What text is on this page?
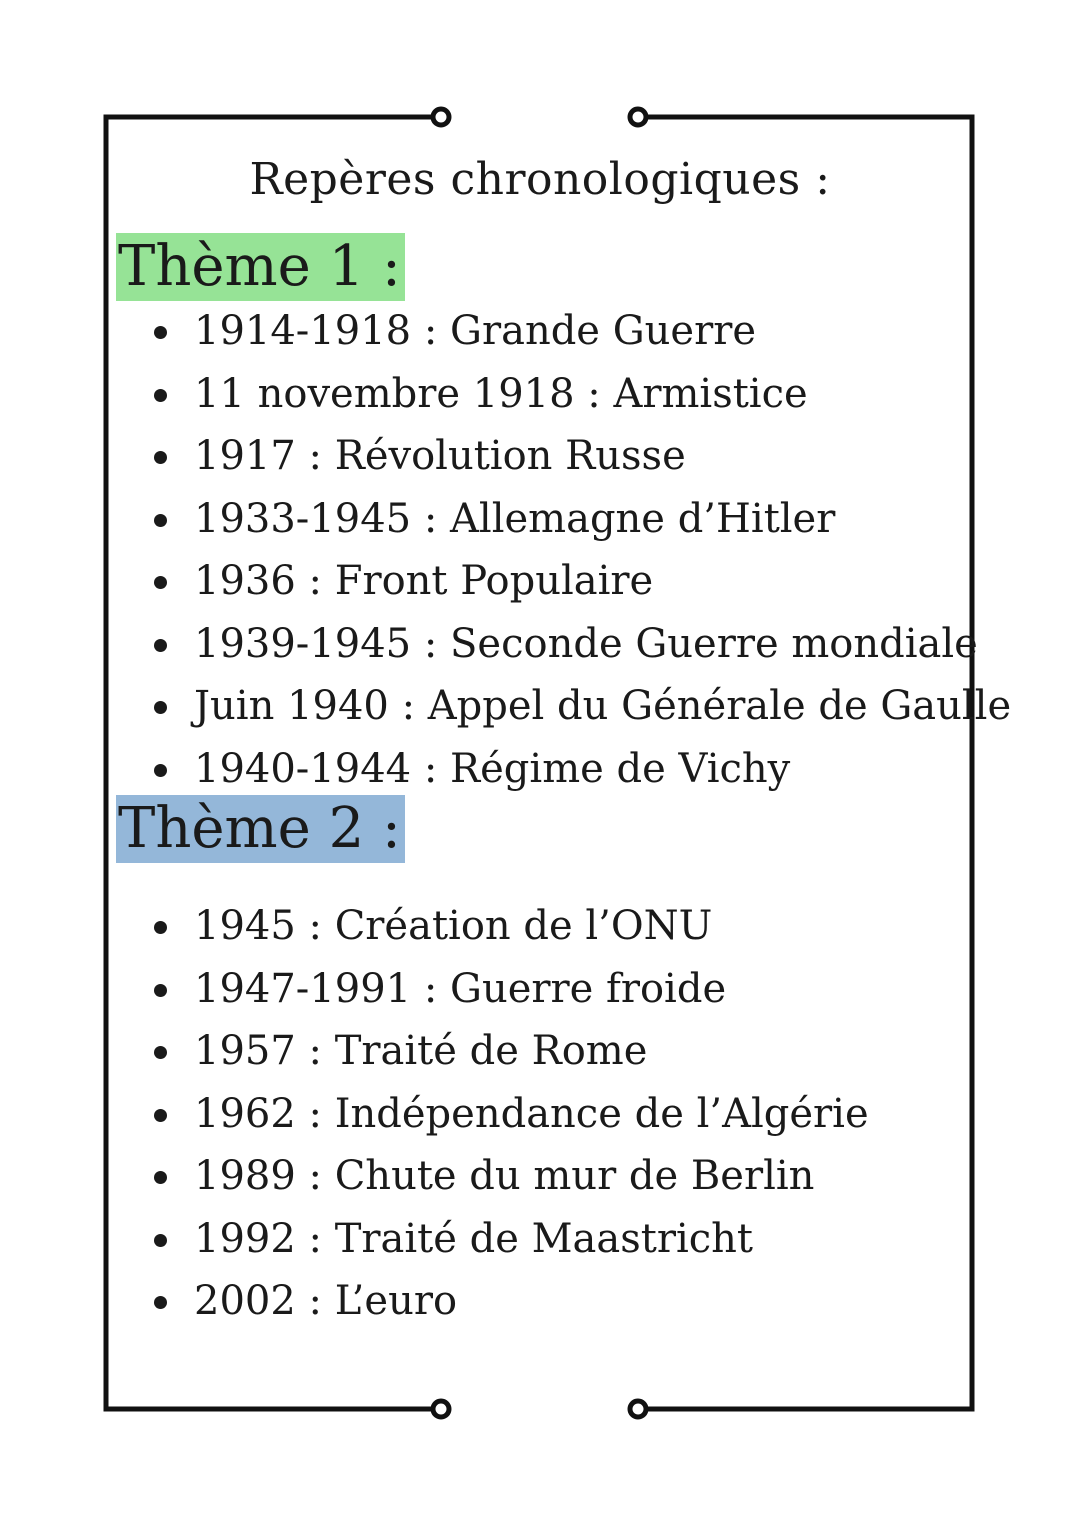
Repères chronologiques :
Thème 1 :
1914-1918 : Grande Guerre
11 novembre 1918 : Armistice
1917 : Révolution Russe
1933-1945 : Allemagne d’Hitler
1936 : Front Populaire
1939-1945 : Seconde Guerre mondiale
Juin 1940 : Appel du Générale de Gaulle
1940-1944 : Régime de Vichy
Thème 2 :
1945 : Création de l’ONU
1947-1991 : Guerre froide
1957 : Traité de Rome
1962 : Indépendance de l’Algérie
1989 : Chute du mur de Berlin
1992 : Traité de Maastricht
2002 : L’euro
